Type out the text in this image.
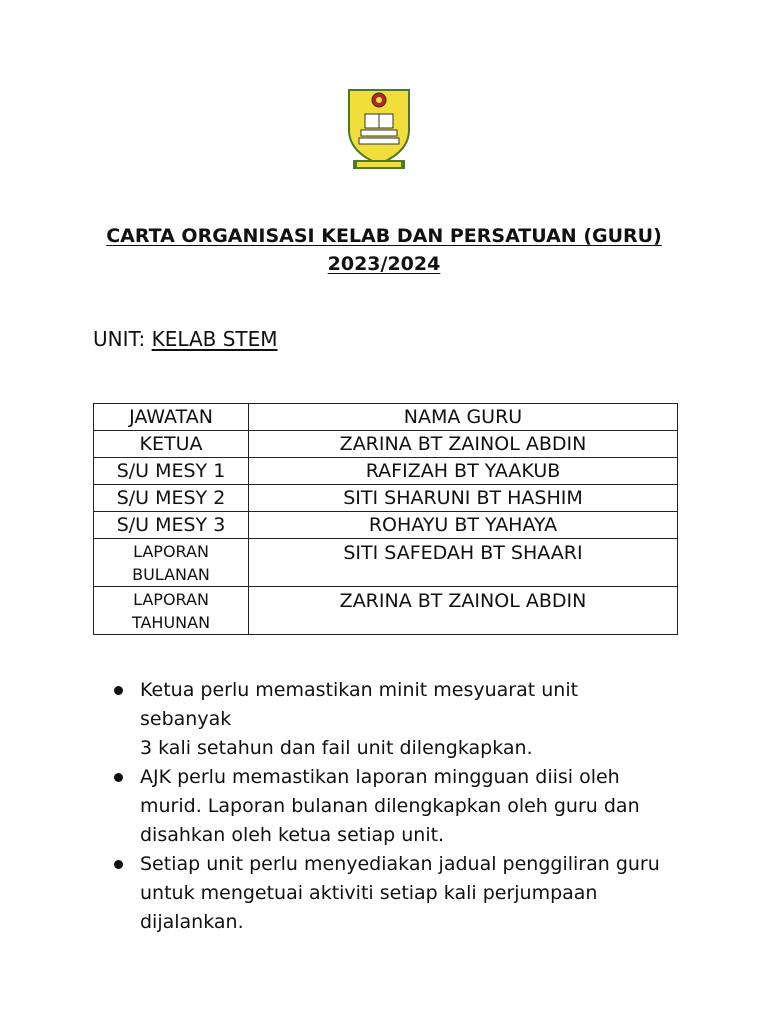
CARTA ORGANISASI KELAB DAN PERSATUAN (GURU)
2023/2024
UNIT: KELAB STEM
JAWATAN	NAMA GURU
KETUA	ZARINA BT ZAINOL ABDIN
S/U MESY 1	RAFIZAH BT YAAKUB
S/U MESY 2	SITI SHARUNI BT HASHIM
S/U MESY 3	ROHAYU BT YAHAYA

LAPORAN
BULANAN	SITI SAFEDAH BT SHAARI

LAPORAN
TAHUNAN	ZARINA BT ZAINOL ABDIN
Ketua perlu memastikan minit mesyuarat unit sebanyak
3 kali setahun dan fail unit dilengkapkan.
AJK perlu memastikan laporan mingguan diisi oleh
murid. Laporan bulanan dilengkapkan oleh guru dan
disahkan oleh ketua setiap unit.
Setiap unit perlu menyediakan jadual penggiliran guru
untuk mengetuai aktiviti setiap kali perjumpaan
dijalankan.
